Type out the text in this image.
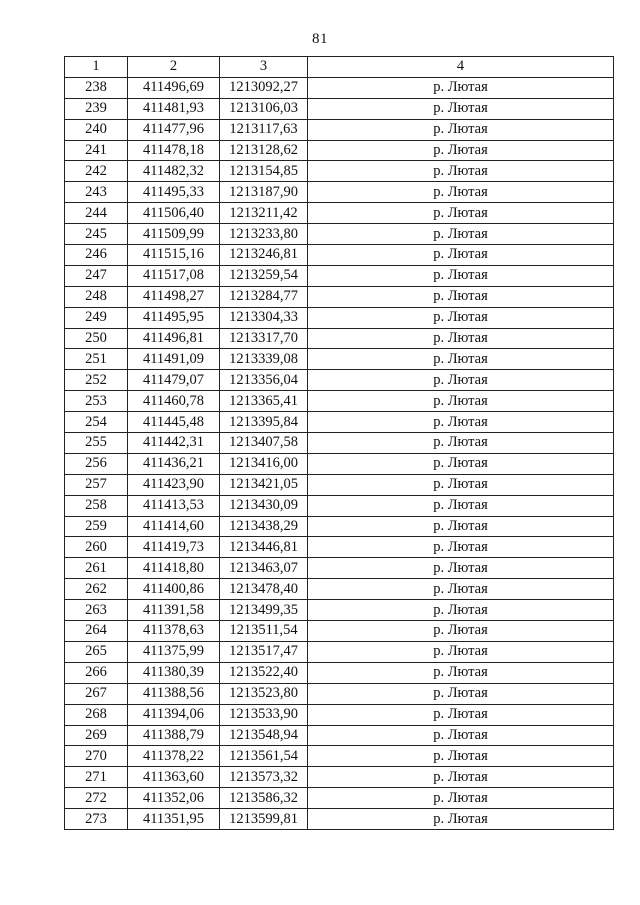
81
1	2	3	4
238	411496,69	1213092,27	р. Лютая
239	411481,93	1213106,03	р. Лютая
240	411477,96	1213117,63	р. Лютая
241	411478,18	1213128,62	р. Лютая
242	411482,32	1213154,85	р. Лютая
243	411495,33	1213187,90	р. Лютая
244	411506,40	1213211,42	р. Лютая
245	411509,99	1213233,80	р. Лютая
246	411515,16	1213246,81	р. Лютая
247	411517,08	1213259,54	р. Лютая
248	411498,27	1213284,77	р. Лютая
249	411495,95	1213304,33	р. Лютая
250	411496,81	1213317,70	р. Лютая
251	411491,09	1213339,08	р. Лютая
252	411479,07	1213356,04	р. Лютая
253	411460,78	1213365,41	р. Лютая
254	411445,48	1213395,84	р. Лютая
255	411442,31	1213407,58	р. Лютая
256	411436,21	1213416,00	р. Лютая
257	411423,90	1213421,05	р. Лютая
258	411413,53	1213430,09	р. Лютая
259	411414,60	1213438,29	р. Лютая
260	411419,73	1213446,81	р. Лютая
261	411418,80	1213463,07	р. Лютая
262	411400,86	1213478,40	р. Лютая
263	411391,58	1213499,35	р. Лютая
264	411378,63	1213511,54	р. Лютая
265	411375,99	1213517,47	р. Лютая
266	411380,39	1213522,40	р. Лютая
267	411388,56	1213523,80	р. Лютая
268	411394,06	1213533,90	р. Лютая
269	411388,79	1213548,94	р. Лютая
270	411378,22	1213561,54	р. Лютая
271	411363,60	1213573,32	р. Лютая
272	411352,06	1213586,32	р. Лютая
273	411351,95	1213599,81	р. Лютая
